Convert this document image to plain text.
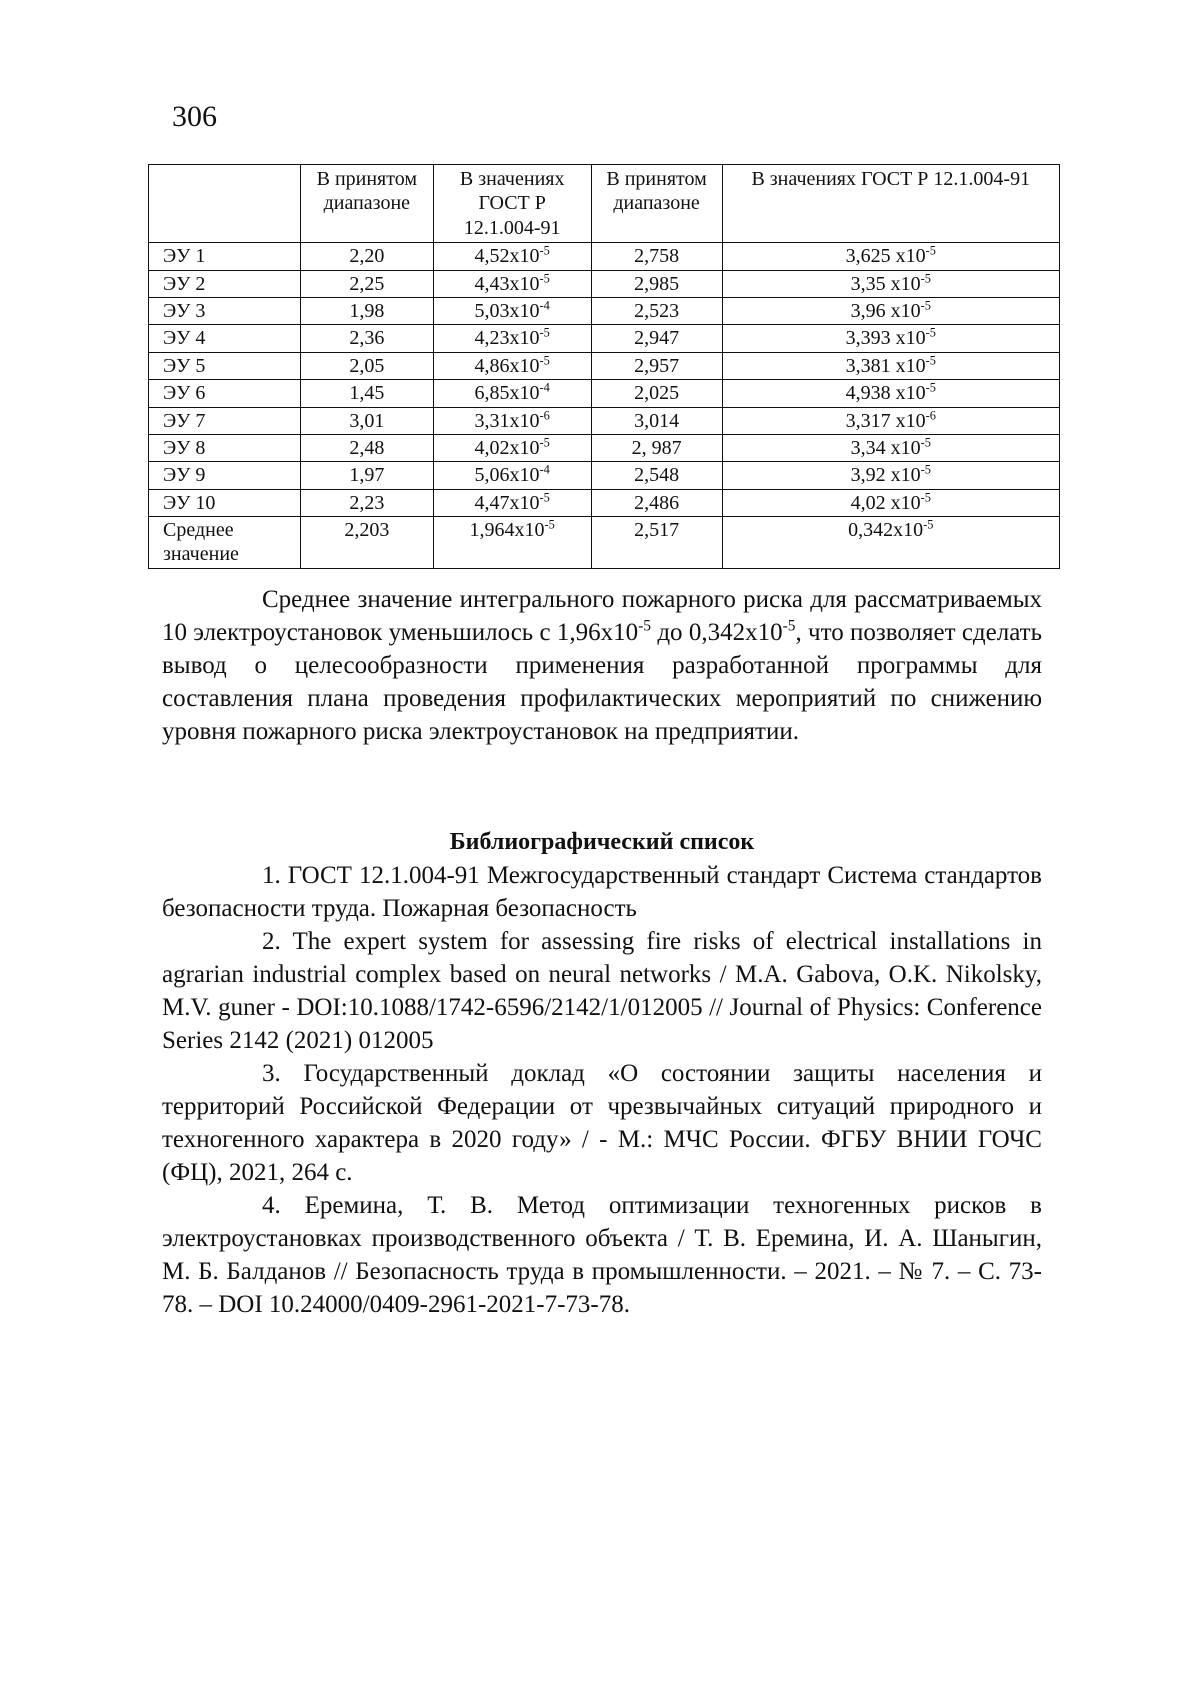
306
	В принятом диапазоне	В значениях ГОСТ Р 12.1.004-91	В принятом диапазоне	В значениях ГОСТ Р 12.1.004-91
ЭУ 1	2,20	$4,52x10^{-5}$	2,758	3,625 $x10^{-5}$
ЭУ 2	2,25	$4,43x10^{-5}$	2,985	3,35 $x10^{-5}$
ЭУ 3	1,98	$5,03x10^{-4}$	2,523	3,96 $x10^{-5}$
ЭУ 4	2,36	$4,23x10^{-5}$	2,947	3,393 $x10^{-5}$
ЭУ 5	2,05	$4,86x10^{-5}$	2,957	3,381 $x10^{-5}$
ЭУ 6	1,45	$6,85x10^{-4}$	2,025	4,938 $x10^{-5}$
ЭУ 7	3,01	$3,31x10^{-6}$	3,014	3,317 $x10^{-6}$
ЭУ 8	2,48	$4,02x10^{-5}$	2, 987	3,34 $x10^{-5}$
ЭУ 9	1,97	$5,06x10^{-4}$	2,548	3,92 $x10^{-5}$
ЭУ 10	2,23	$4,47x10^{-5}$	2,486	4,02 $x10^{-5}$
Среднее значение	2,203	$1,964x10^{-5}$	2,517	$0,342x10^{-5}$

Среднее значение интегрального пожарного риска для рассматриваемых 10 электроустановок уменьшилось с $1,96x10^{-5}$ до $0,342x10^{-5}$, что позволяет сделать вывод о целесообразности применения разработанной программы для составления плана проведения профилактических мероприятий по снижению уровня пожарного риска электроустановок на предприятии.

Библиографический список

1. ГОСТ 12.1.004-91 Межгосударственный стандарт Система стандартов безопасности труда. Пожарная безопасность

2. The expert system for assessing fire risks of electrical installations in agrarian industrial complex based on neural networks / M.A. Gabova, O.K. Nikolsky, M.V. guner - DOI:10.1088/1742-6596/2142/1/012005 // Journal of Physics: Conference Series 2142 (2021) 012005

3. Государственный доклад «О состоянии защиты населения и территорий Российской Федерации от чрезвычайных ситуаций природного и техногенного характера в 2020 году» / - М.: МЧС России. ФГБУ ВНИИ ГОЧС (ФЦ), 2021, 264 с.

4. Еремина, Т. В. Метод оптимизации техногенных рисков в электроустановках производственного объекта / Т. В. Еремина, И. А. Шаныгин, М. Б. Балданов // Безопасность труда в промышленности. – 2021. – № 7. – С. 73-78. – DOI 10.24000/0409-2961-2021-7-73-78.
